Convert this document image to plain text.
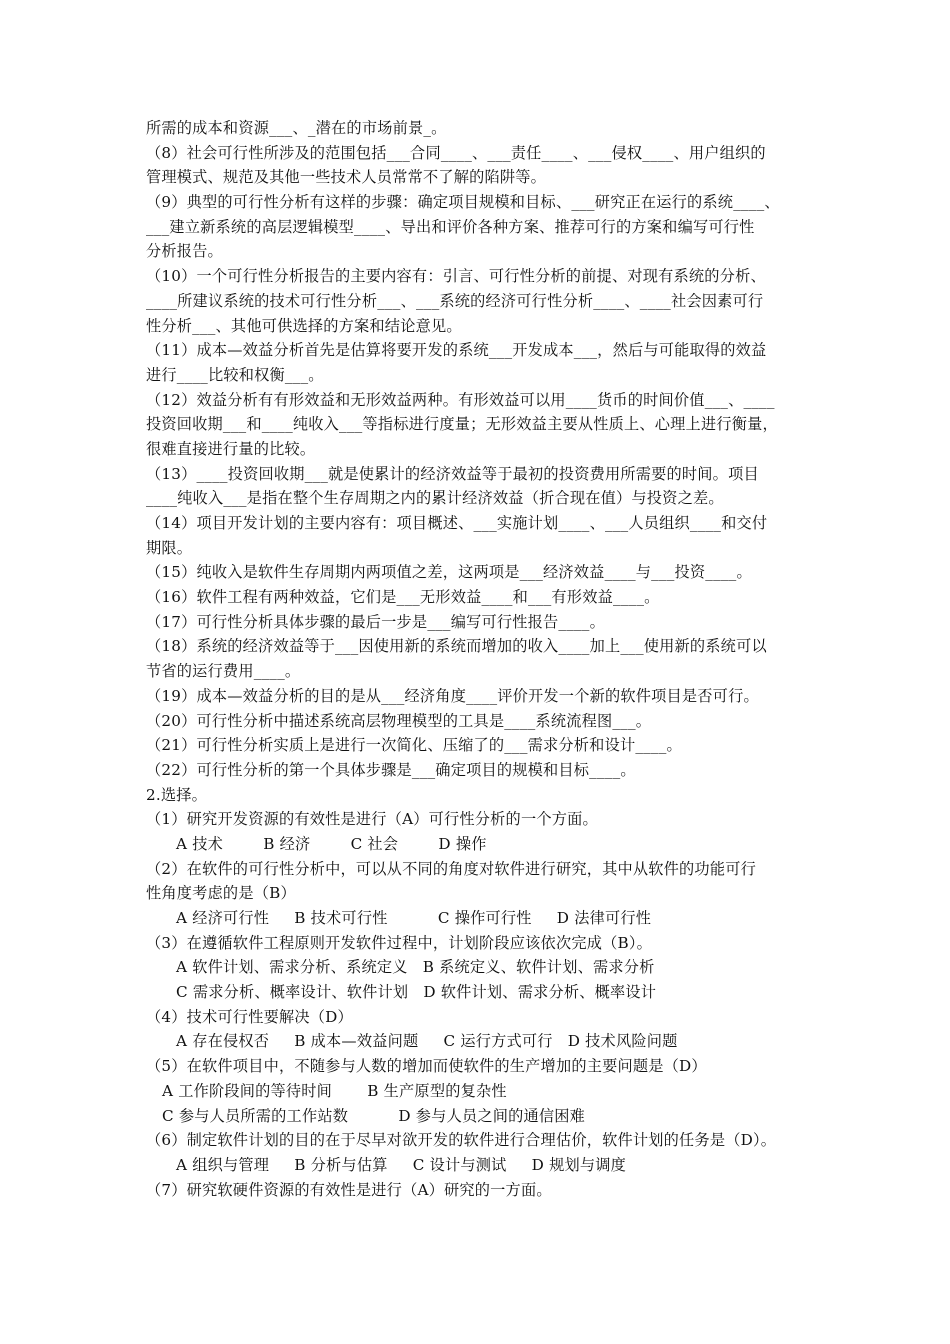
所需的成本和资源___、_潜在的市场前景_。
（8）社会可行性所涉及的范围包括___合同____、___责任____、___侵权____、用户组织的
管理模式、规范及其他一些技术人员常常不了解的陷阱等。
（9）典型的可行性分析有这样的步骤：确定项目规模和目标、___研究正在运行的系统____、
___建立新系统的高层逻辑模型____、导出和评价各种方案、推荐可行的方案和编写可行性
分析报告。
（10）一个可行性分析报告的主要内容有：引言、可行性分析的前提、对现有系统的分析、
____所建议系统的技术可行性分析___、___系统的经济可行性分析____、____社会因素可行
性分析___、其他可供选择的方案和结论意见。
（11）成本—效益分析首先是估算将要开发的系统___开发成本___，然后与可能取得的效益
进行____比较和权衡___。
（12）效益分析有有形效益和无形效益两种。有形效益可以用____货币的时间价值___、____
投资回收期___和____纯收入___等指标进行度量；无形效益主要从性质上、心理上进行衡量，
很难直接进行量的比较。
（13）____投资回收期___就是使累计的经济效益等于最初的投资费用所需要的时间。项目
____纯收入___是指在整个生存周期之内的累计经济效益（折合现在值）与投资之差。
（14）项目开发计划的主要内容有：项目概述、___实施计划____、___人员组织____和交付
期限。
（15）纯收入是软件生存周期内两项值之差，这两项是___经济效益____与___投资____。
（16）软件工程有两种效益，它们是___无形效益____和___有形效益____。
（17）可行性分析具体步骤的最后一步是___编写可行性报告____。
（18）系统的经济效益等于___因使用新的系统而增加的收入____加上___使用新的系统可以
节省的运行费用____。
（19）成本—效益分析的目的是从___经济角度____评价开发一个新的软件项目是否可行。
（20）可行性分析中描述系统高层物理模型的工具是____系统流程图___。
（21）可行性分析实质上是进行一次简化、压缩了的___需求分析和设计____。
（22）可行性分析的第一个具体步骤是___确定项目的规模和目标____。
2.选择。
（1）研究开发资源的有效性是进行（A）可行性分析的一个方面。
A 技术        B 经济        C 社会        D 操作
（2）在软件的可行性分析中，可以从不同的角度对软件进行研究，其中从软件的功能可行
性角度考虑的是（B）
A 经济可行性     B 技术可行性          C 操作可行性     D 法律可行性
（3）在遵循软件工程原则开发软件过程中，计划阶段应该依次完成（B）。
A 软件计划、需求分析、系统定义   B 系统定义、软件计划、需求分析
C 需求分析、概率设计、软件计划   D 软件计划、需求分析、概率设计
（4）技术可行性要解决（D）
A 存在侵权否     B 成本—效益问题     C 运行方式可行   D 技术风险问题
（5）在软件项目中，不随参与人数的增加而使软件的生产增加的主要问题是（D）
A 工作阶段间的等待时间       B 生产原型的复杂性
C 参与人员所需的工作站数          D 参与人员之间的通信困难
（6）制定软件计划的目的在于尽早对欲开发的软件进行合理估价，软件计划的任务是（D）。
A 组织与管理     B 分析与估算     C 设计与测试     D 规划与调度
（7）研究软硬件资源的有效性是进行（A）研究的一方面。
